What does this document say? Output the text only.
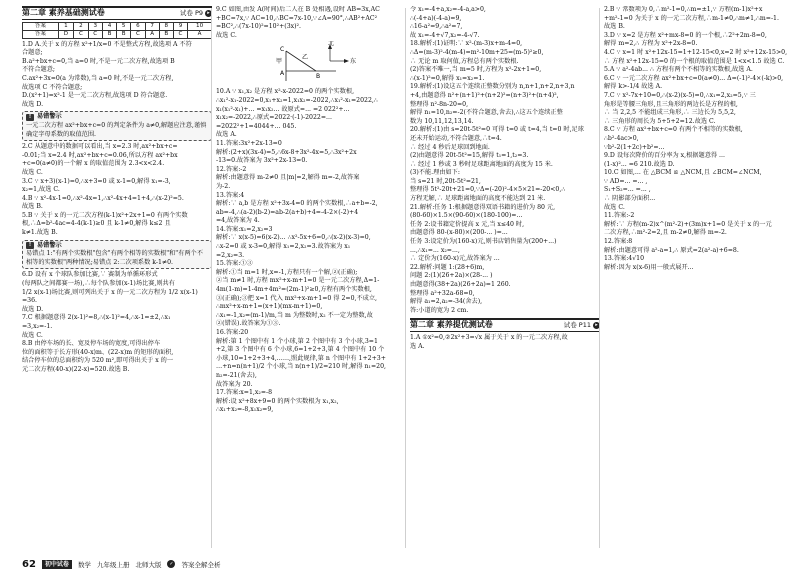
第二章 素养基础测试卷	试卷 P9 ▸
答案	1	2	3	4	5	6	7	8	9	10
答案	D	C	C	B	B	C	A	B	C	A

1.D A.关于 x 的方程 x²+1/x=0 不是整式方程,故选项 A 不符

合题意;

B.a²+bx+c=0,当 a=0 时,不是一元二次方程,故选项 B

不符合题意;

C.ax²+3x=0(a 为常数),当 a=0 时,不是一元二次方程,

故选项 C 不符合题意;

D.(x²+1)=x²-1 是一元二次方程,故选项 D 符合题意.

故选 D.

! 易错警示

一元二次方程 ax²+bx+c=0 的判定条件为 a≠0,解题应注意,谨慎确定字母系数的取值范围.

2.C 从题意中的数据可以看出,当 x=2.3 时,ax²+bx+c=

-0.01;当 x=2.4 时,ax²+bx+c=0.06,所以方程 ax²+bx

+c=0(a≠0)的一个解 x 的取值范围为 2.3<x<2.4.

故选 C.

3.C ∵ x+3)(x-1)=0,∴x+3=0 或 x-1=0,解得 x₁=-3,

x₂=1,故选 C.

4.B ∵ x²-4x-1=0,∴x²-4x=1,∴x²-4x+4=1+4,∴(x-2)²=5.

故选 B.

5.B ∵ 关于 x 的一元二次方程(k-1)x²+2x+1=0 有两个实数

根,∴Δ=b²-4ac=4-4(k-1)≥0 且 k-1≠0,解得 k≤2 且

k≠1.故选 B.

! 易错警示

易错点 1:"有两个实数根"包含"有两个相等的实数根"和"有两个不相等的实数根"两种情况;易错点 2:二次项系数 k-1≠0.

6.D 设有 x 个球队参加比赛,∵ 赛制为单循环形式

(每两队之间都赛一场),∴每个队参加(x-1)场比赛,则共有

1/2 x(x-1)场比赛,则可列出关于 x 的一元二次方程为 1/2 x(x-1)

=36.

故选 D.

7.C 根据题意得 2(x-1)²=8,∴(x-1)²=4,∴x-1=±2,∴x₁

=3,x₂=-1.

故选 C.

8.B 由停车场的长、宽及停车场的宽度,可得出停车

位的面积等于长方形(40-x)m、(22-x)m 的矩形的面积,

结合停车位的总面积约为 520 m²,即可得出关于 x 的一

元二次方程(40-x)(22-x)=520.故选 B.

9.C 如图,由发 A(时间)后二人在 B 处相遇,设时 AB=3x,AC

+BC=7x,∵ AC=10,∴BC=7x-10,∵∠A=90°,∴AB²+AC²

=BC²,∴(7x-10)²=10²+(3x)².

故选 C.

北
东
C
A	B
甲
乙

10.A ∵ x₁,x₂ 是方程 x²-x-2022=0 的两个实数根,

∴x₁²-x₁-2022=0,x₁+x₂=1,x₁x₂=-2022,∴x₁²-x₁=2022,∴

x₁(x₁²-x₁)+... =x₁x₂... 故原式=... =2 022²+...

x₁x₂=-2022,∴原式=2022·(-1)-2022=...

=2022²+1=4044+... 045.

故选 A.

11.答案:3x²+2x-13=0

解析:(2+x)(3x-4)=5,∴6x-8+3x²-4x=5,∴3x²+2x

-13=0.故答案为 3x²+2x-13=0.

12.答案:-2

解析:由题意得 m-2≠0 且|m|=2,解得 m=-2,故答案

为-2.

13.答案:4

解析:∵ a,b 是方程 x²+3x-4=0 的两个实数根,∴a+b=-2,

ab=-4,∴(a-2)(b-2)=ab-2(a+b)+4=-4-2×(-2)+4

=4,故答案为 4.

14.答案:x₁=2,x₂=3

解析:∵ x(x-5)=6(x-2)... ∴x²-5x+6=0,∴(x-2)(x-3)=0,

∴x-2=0 或 x-3=0,解得 x₁=2,x₂=3.故答案为 x₁

=2,x₂=3.

15.答案:①③

解析:①当 m=1 时,x=-1,方程只有一个解,②(正确);

②当 m≠1 时,方程 mx²+x-m+1=0 是一元二次方程,Δ=1-

4m(1-m)=1-4m+4m²=(2m-1)²≥0,方程有两个实数根,

③(正确);③把 x=1 代入 mx²+x-m+1=0 得 2=0,不成立,

∴mx²+x-m+1=(x+1)(mx-m+1)=0,

∴x₁=-1,x₂=(m-1)/m,当 m 为整数时,x₂ 不一定为整数,故

②(错误).故答案为①③.

16.答案:20

解析:第 1 个图中有 1 个小球,第 2 个图中有 3 个小球,3=1

+2,第 3 个图中有 6 个小球,6=1+2+3,第 4 个图中有 10 个

小球,10=1+2+3+4,……,照此规律,第 n 个图中有 1+2+3+

…+n=n(n+1)/2 个小球,当 n(n+1)/2=210 时,解得 n₁=20,

n₂=-21(舍去),

故答案为 20.

17.答案:x=1,x₂=-8

解析:设 x²+8x+9=0 的两个实数根为 x₁,x₂,

∴x₁+x₂=-8,x₁x₂=9,

令 x₁=-4+a,x₂=-4-a,a>0,

∴(-4+a)(-4-a)=9,

∴16-a²=9,∴a²=7,

故 x₁=-4+√7,x₂=-4-√7.

18.解析:(1)证明:∵ x²-(m-3)x+m-4=0,

∴Δ=(m-3)²-4(m-4)=m²-10m+25=(m-5)²≥0,

∴ 无论 m 取何值,方程总有两个实数根.

(2)答案不唯一,当 m=5 时,方程为 x²-2x+1=0,

∴(x-1)²=0,解得 x₁=x₂=1.

19.解析:(1)设这五个连续正整数分别为 n,n+1,n+2,n+3,n

+4,由题意得 n²+(n+1)²+(n+2)²=(n+3)²+(n+4)²,

整理得 n²-8n-20=0,

解得 n₁=10,n₂=-2(不符合题意,舍去),∴这五个连续正整

数为 10,11,12,13,14.

20.解析:(1)由 s=20t-5t²=0 可得 t=0 或 t=4,当 t=0 时,足球

还未开始运动,不符合题意,∴t=4.

∴ 经过 4 秒后足球回到地面.

(2)由题意得 20t-5t²=15,解得 t₁=1,t₂=3.

∴ 经过 1 秒或 3 秒时足球距离地面的高度为 15 米.

(3)不能.理由如下:

当 s=21 时,20t-5t²=21,

整理得 5t²-20t+21=0,∵Δ=(-20)²-4×5×21=-20<0,∴

方程无解,∴ 足球距离地面的高度不能达到 21 米.

21.解析:任务 1:根据题意得双语书籍的进价为 80 元,

(80-60)×1.5×(90-60)×(180-100)=...

任务 2:设书籍定价提高 x 元,当 x≤40 时,

由题意得 80-(x-80)×(200-... )=...

任务 3:设定价为(160-x)元,则书店销售量为(200+...)

...,∴x₁=... x₂=...,

∴ 定价为(160-x)元,故答案为 ...

22.解析:问题 1:(28+6)m,

问题 2:(1)(26+2a)×(28-... )

由题意得(38+2a)(26+2a)=1 260.

整理得 a²+32a-68=0,

解得 a₁=2,a₂=-34(舍去),

答:小道的宽为 2 cm.

第二章 素养提优测试卷	试卷 P11 ▸

1.A ①x²=0,②2x²+3=√x 属于关于 x 的一元二次方程,故

选 A.

2.B ∵ 常数项为 0,∴m²-1=0,∴m=±1,∵ 方程(m-1)x²+x

+m²-1=0 为关于 x 的一元二次方程,∴m-1≠0,∴m≠1,∴m=-1.

故选 B.

3.D ∵ x=2 是方程 x²+mx-8=0 的一个根,∴2²+2m-8=0,

解得 m=2,∴ 方程为 x²+2x-8=0.

4.C ∵ x=1 时 x²+12x-15=1+12-15<0,x=2 时 x²+12x-15>0,

∴ 方程 x²+12x-15=0 的一个根的取值范围是 1<x<1.5 故选 C.

5.A ∵ a²-4ab... ∴ 方程有两个不相等的实数根,故选 A.

6.C ∵ 一元二次方程 ax²+bx+c=0(a≠0)... Δ=(-1)²-4×(-k)>0,

解得 k>-1/4 故选 A.

7.C ∵ x²-7x+10=0,∴(x-2)(x-5)=0,∴x₁=2,x₂=5,∵ 三

角形是等腰三角形,且三角形的两边长是方程的根,

∴ 当 2,2,5 不能组成三角形,∴ 三边长为 5,5,2,

∴ 三角形的周长为 5+5+2=12.故选 C.

8.C ∵ 方程 ax²+bx+c=0 有两个不相等的实数根,

∴b²-4ac>0,

∵b²-2(1+2c)+b²=...

9.D 设每次降价的百分率为 x,根据题意得 ...

(1-x)²... =6 210.故选 D.

10.C 如图,... 在 △BCM ≌ △NCM,且 ∠BCM=∠NCM,

∵ AD=... =... ,

S₁+S₂=... =... ,

∴ 阴影部分面积...

故选 C.

11.答案:-2

解析:∵ 方程(m-2)x^(m²-2)+(3m)x+1=0 是关于 x 的一元

二次方程,∴m²-2=2,且 m-2≠0,解得 m=-2.

12.答案:8

解析:由题意可得 a²-a=1,∴ 原式=2(a²-a)+6=8.

13.答案:4√10

解析:因为 x(x-6)用一般式展开...

62	初中试卷	数学 九年级上册 北师大版	✓ 答案全解全析
